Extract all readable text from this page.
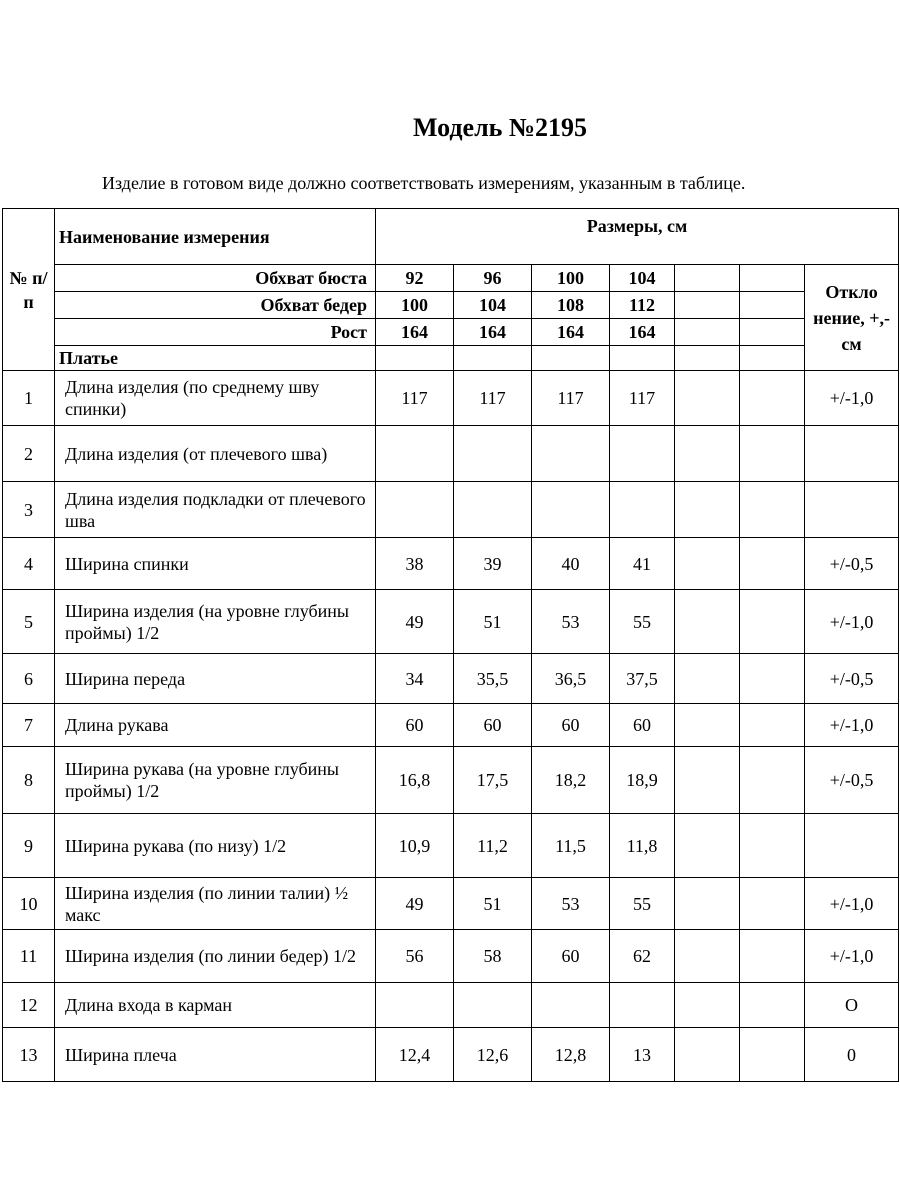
Модель №2195
Изделие в готовом виде должно соответствовать измерениям, указанным в таблице.
№ п/п	Наименование измерения	Размеры, см						
	Обхват бюста	92	96	100	104			Откло нение, +,- см
	Обхват бедер	100	104	108	112			
	Рост	164	164	164	164			
	Платье							
1	Длина изделия (по среднему шву спинки)	117	117	117	117			+/-1,0
2	Длина изделия (от плечевого шва)							
3	Длина изделия подкладки от плечевого шва							
4	Ширина спинки	38	39	40	41			+/-0,5
5	Ширина изделия (на уровне глубины проймы) 1/2	49	51	53	55			+/-1,0
6	Ширина переда	34	35,5	36,5	37,5			+/-0,5
7	Длина рукава	60	60	60	60			+/-1,0
8	Ширина рукава (на уровне глубины проймы) 1/2	16,8	17,5	18,2	18,9			+/-0,5
9	Ширина рукава (по низу) 1/2	10,9	11,2	11,5	11,8			
10	Ширина изделия (по линии талии) ½ макс	49	51	53	55			+/-1,0
11	Ширина изделия (по линии бедер) 1/2	56	58	60	62			+/-1,0
12	Длина входа в карман							О
13	Ширина плеча	12,4	12,6	12,8	13			0
